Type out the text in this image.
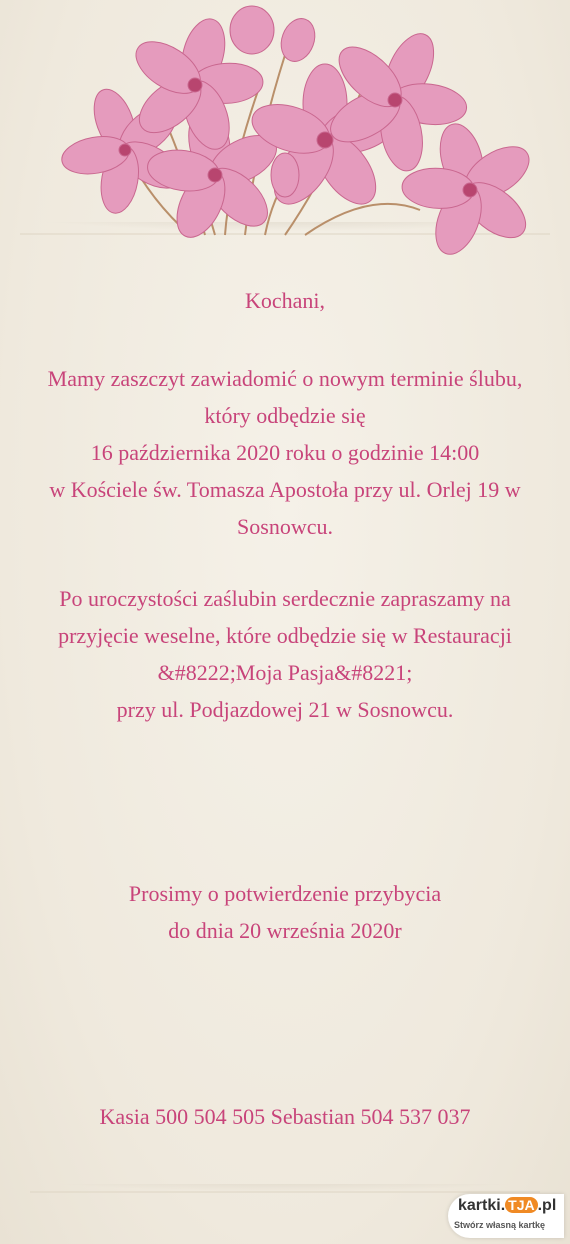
Kochani,

Mamy zaszczyt zawiadomić o nowym terminie ślubu,

który odbędzie się

16 października 2020 roku o godzinie 14:00

w Kościele św. Tomasza Apostoła przy ul. Orlej 19 w

Sosnowcu.

Po uroczystości zaślubin serdecznie zapraszamy na

przyjęcie weselne, które odbędzie się w Restauracji

&#8222;Moja Pasja&#8221;

przy ul. Podjazdowej 21 w Sosnowcu.

Prosimy o potwierdzenie przybycia

do dnia 20 września 2020r

Kasia 500 504 505 Sebastian 504 537 037

kartki. TJA .pl
Stwórz własną kartkę
